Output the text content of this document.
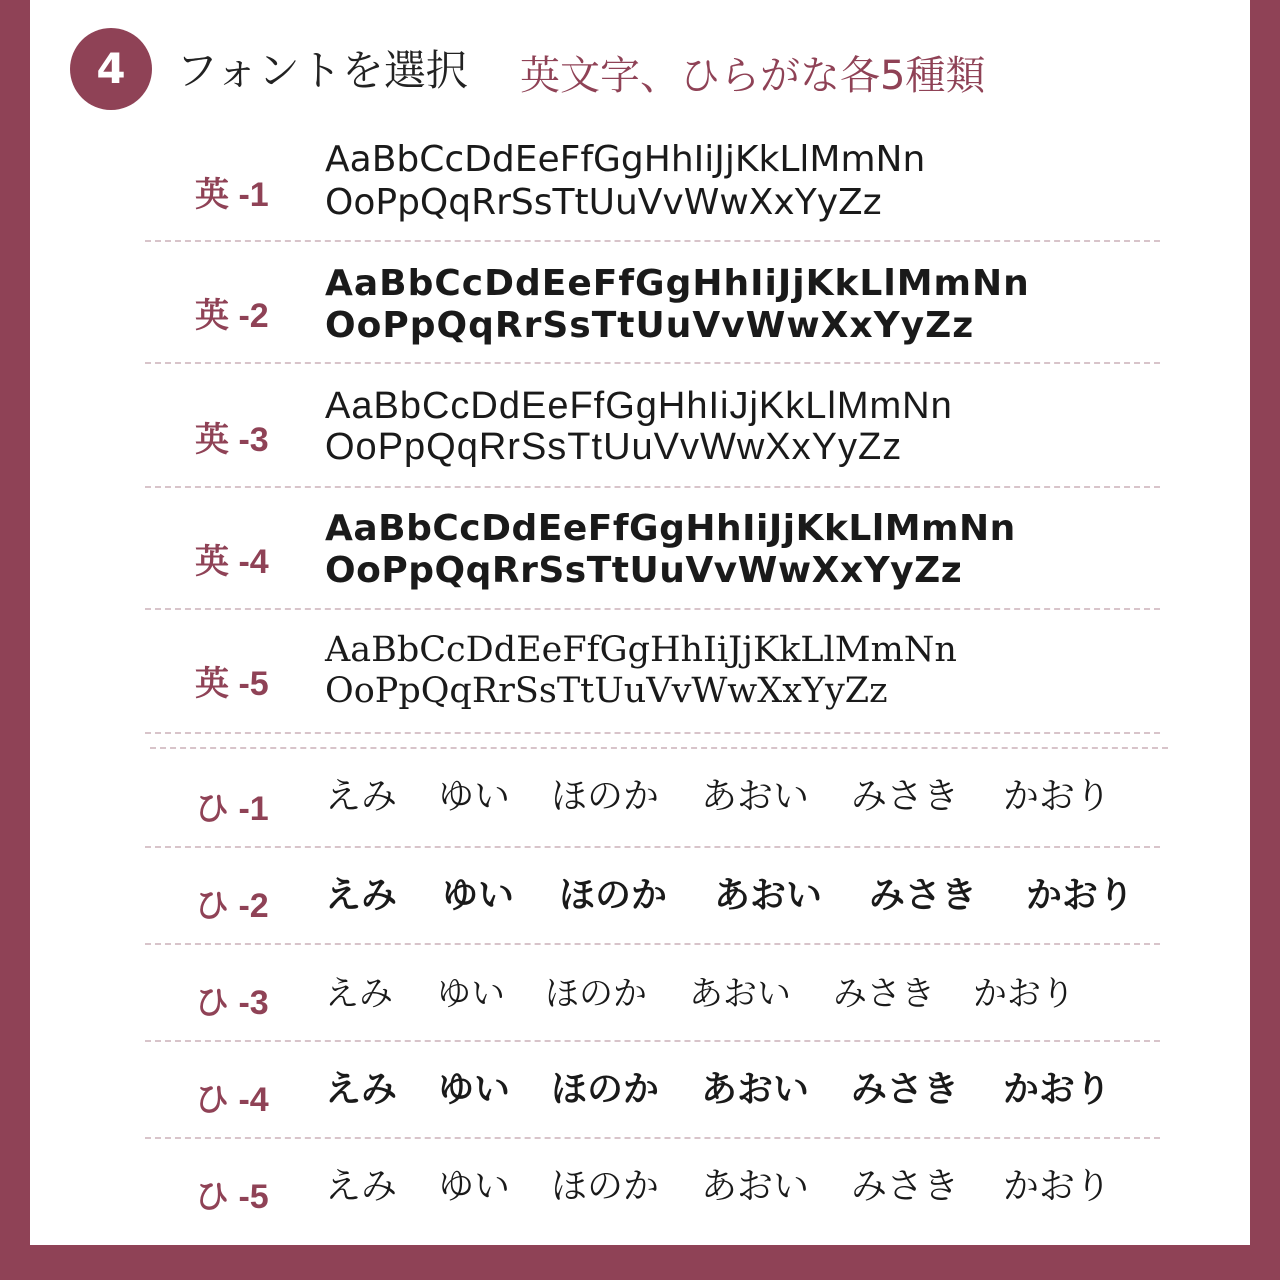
4	フォントを選択 英文字、ひらがな各5種類
英 -1
AaBbCcDdEeFfGgHhIiJjKkLlMmNn
OoPpQqRrSsTtUuVvWwXxYyZz
英 -2
AaBbCcDdEeFfGgHhIiJjKkLlMmNn
OoPpQqRrSsTtUuVvWwXxYyZz
英 -3
AaBbCcDdEeFfGgHhIiJjKkLlMmNn
OoPpQqRrSsTtUuVvWwXxYyZz
英 -4
AaBbCcDdEeFfGgHhIiJjKkLlMmNn
OoPpQqRrSsTtUuVvWwXxYyZz
英 -5
AaBbCcDdEeFfGgHhIiJjKkLlMmNn
OoPpQqRrSsTtUuVvWwXxYyZz
ひ -1	えみ	ゆい	ほのか	あおい	みさき	かおり
ひ -2	えみ	ゆい	ほのか	あおい	みさき	かおり
ひ -3	えみ	ゆい	ほのか	あおい	みさき	かおり
ひ -4	えみ	ゆい	ほのか	あおい	みさき	かおり
ひ -5	えみ	ゆい	ほのか	あおい	みさき	かおり
